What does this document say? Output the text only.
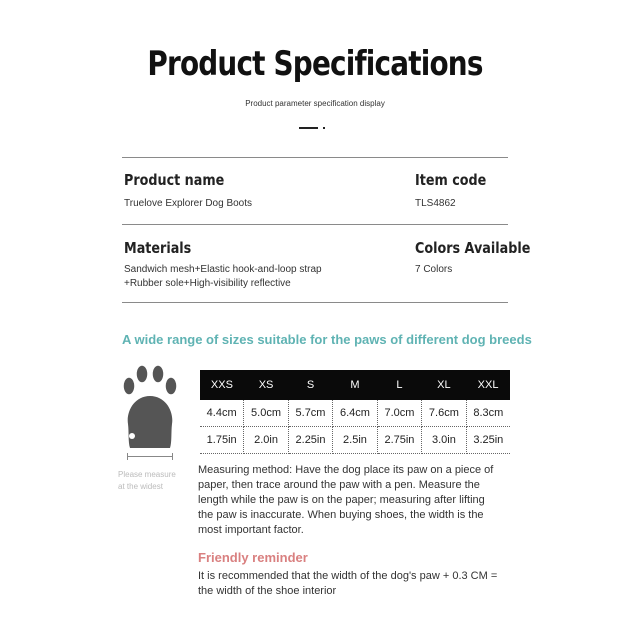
Product Specifications
Product parameter specification display
Product name
Truelove Explorer Dog Boots
Item code
TLS4862
Materials
Sandwich mesh+Elastic hook-and-loop strap
+Rubber sole+High-visibility reflective
Colors Available
7 Colors
A wide range of sizes suitable for the paws of different dog breeds
Please measure
at the widest
XXS	XS	S	M	L	XL	XXL
4.4cm	5.0cm	5.7cm	6.4cm	7.0cm	7.6cm	8.3cm
1.75in	2.0in	2.25in	2.5in	2.75in	3.0in	3.25in
Measuring method: Have the dog place its paw on a piece of paper, then trace around the paw with a pen. Measure the length while the paw is on the paper; measuring after lifting the paw is inaccurate. When buying shoes, the width is the most important factor.
Friendly reminder
It is recommended that the width of the dog's paw + 0.3 CM = the width of the shoe interior
